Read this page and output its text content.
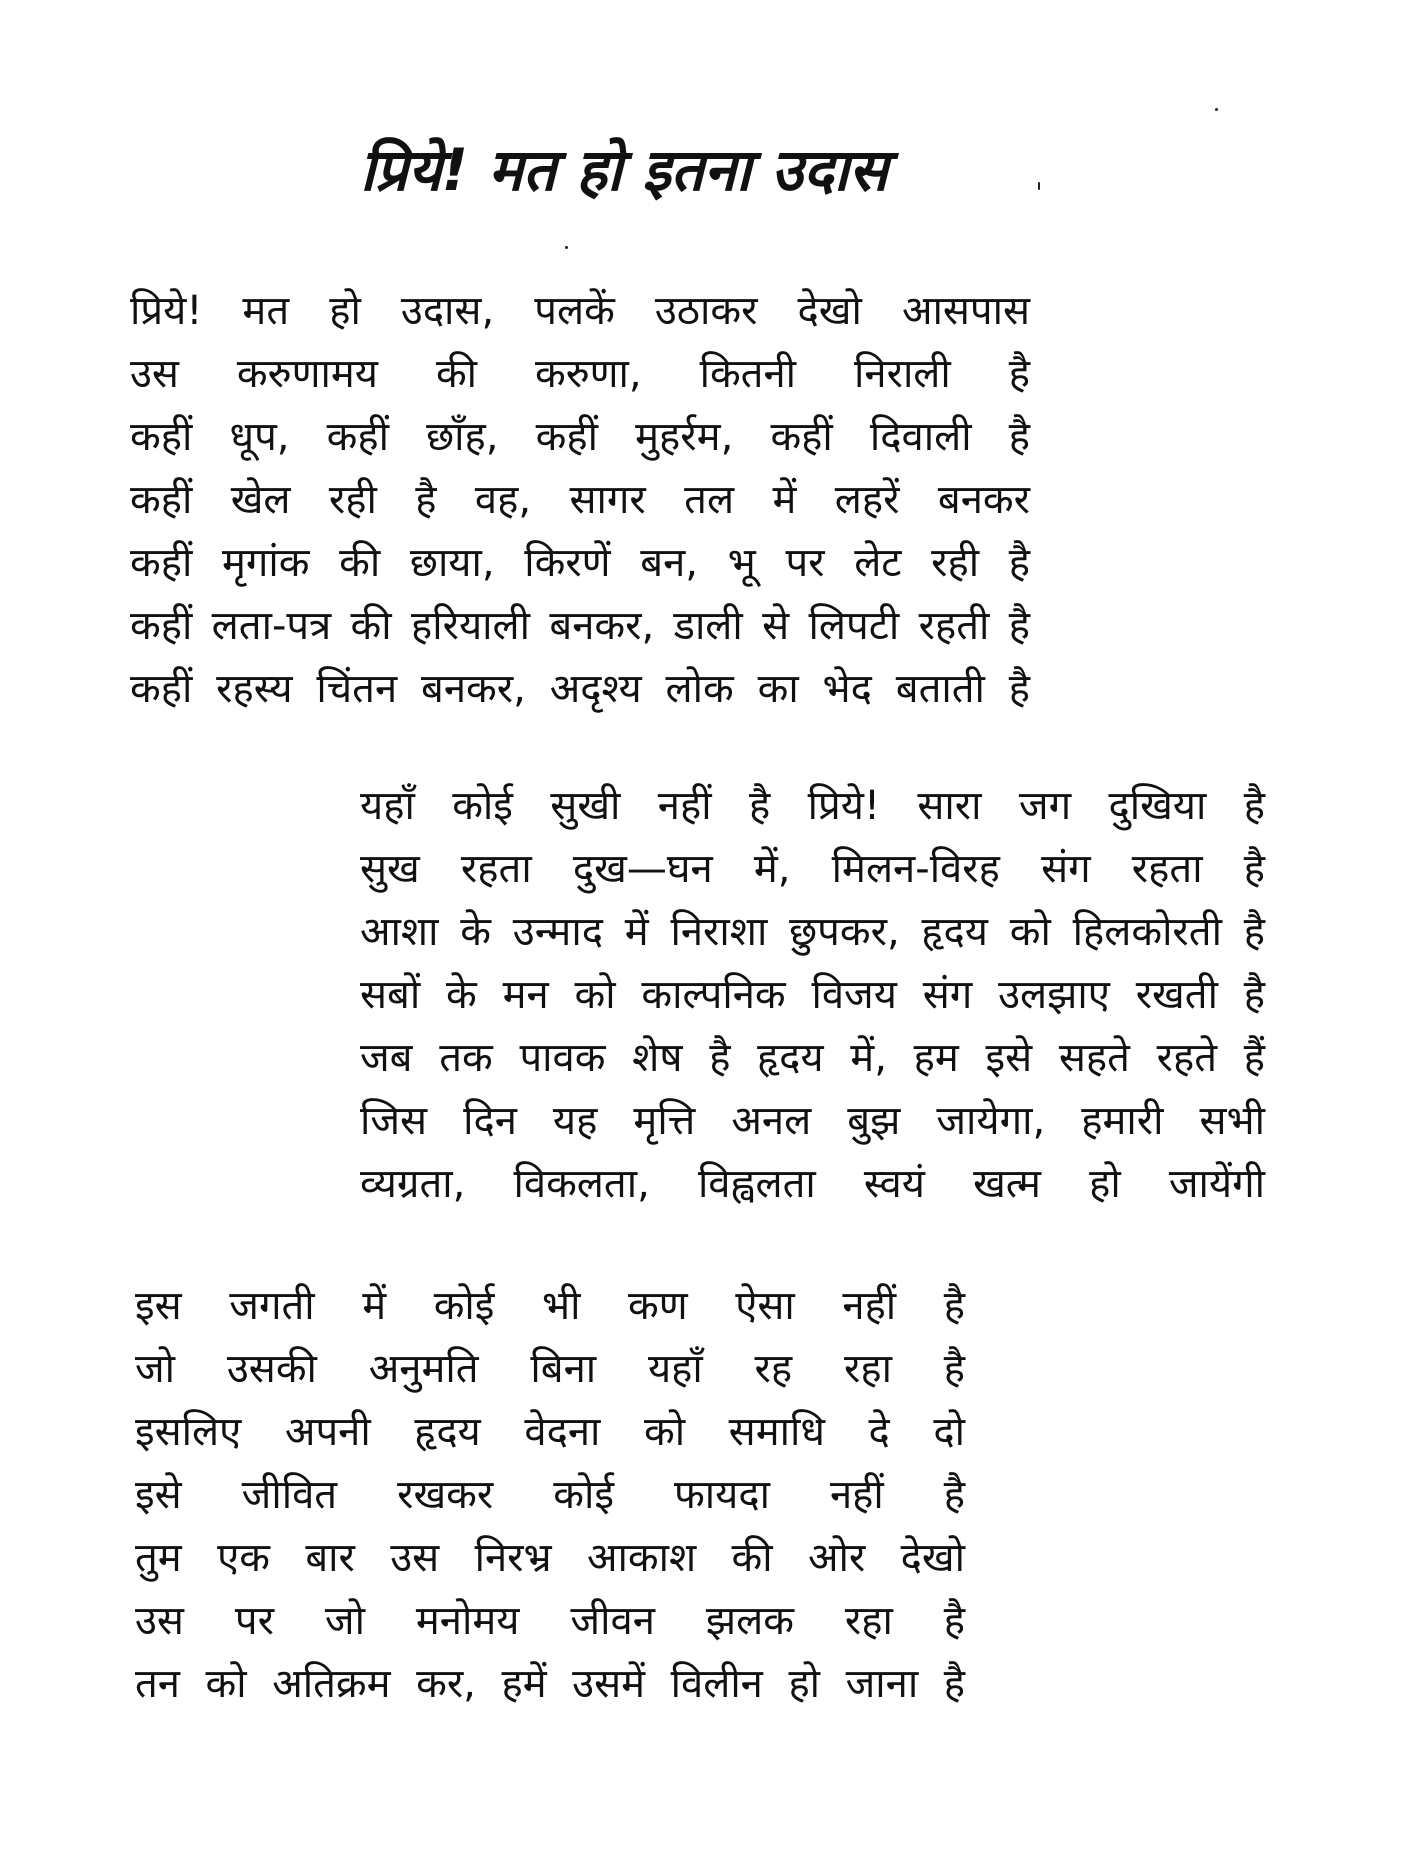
प्रिये! मत हो इतना उदास
प्रिये! मत हो उदास, पलकें उठाकर देखो आसपास
उस करुणामय की करुणा, कितनी निराली है
कहीं धूप, कहीं छाँह, कहीं मुहर्रम, कहीं दिवाली है
कहीं खेल रही है वह, सागर तल में लहरें बनकर
कहीं मृगांक की छाया, किरणें बन, भू पर लेट रही है
कहीं लता-पत्र की हरियाली बनकर, डाली से लिपटी रहती है
कहीं रहस्य चिंतन बनकर, अदृश्य लोक का भेद बताती है
यहाँ कोई सुखी नहीं है प्रिये! सारा जग दुखिया है
सुख रहता दुख—घन में, मिलन-विरह संग रहता है
आशा के उन्माद में निराशा छुपकर, हृदय को हिलकोरती है
सबों के मन को काल्पनिक विजय संग उलझाए रखती है
जब तक पावक शेष है हृदय में, हम इसे सहते रहते हैं
जिस दिन यह मृत्ति अनल बुझ जायेगा, हमारी सभी
व्यग्रता, विकलता, विह्वलता स्वयं खत्म हो जायेंगी
इस जगती में कोई भी कण ऐसा नहीं है
जो उसकी अनुमति बिना यहाँ रह रहा है
इसलिए अपनी हृदय वेदना को समाधि दे दो
इसे जीवित रखकर कोई फायदा नहीं है
तुम एक बार उस निरभ्र आकाश की ओर देखो
उस पर जो मनोमय जीवन झलक रहा है
तन को अतिक्रम कर, हमें उसमें विलीन हो जाना है
